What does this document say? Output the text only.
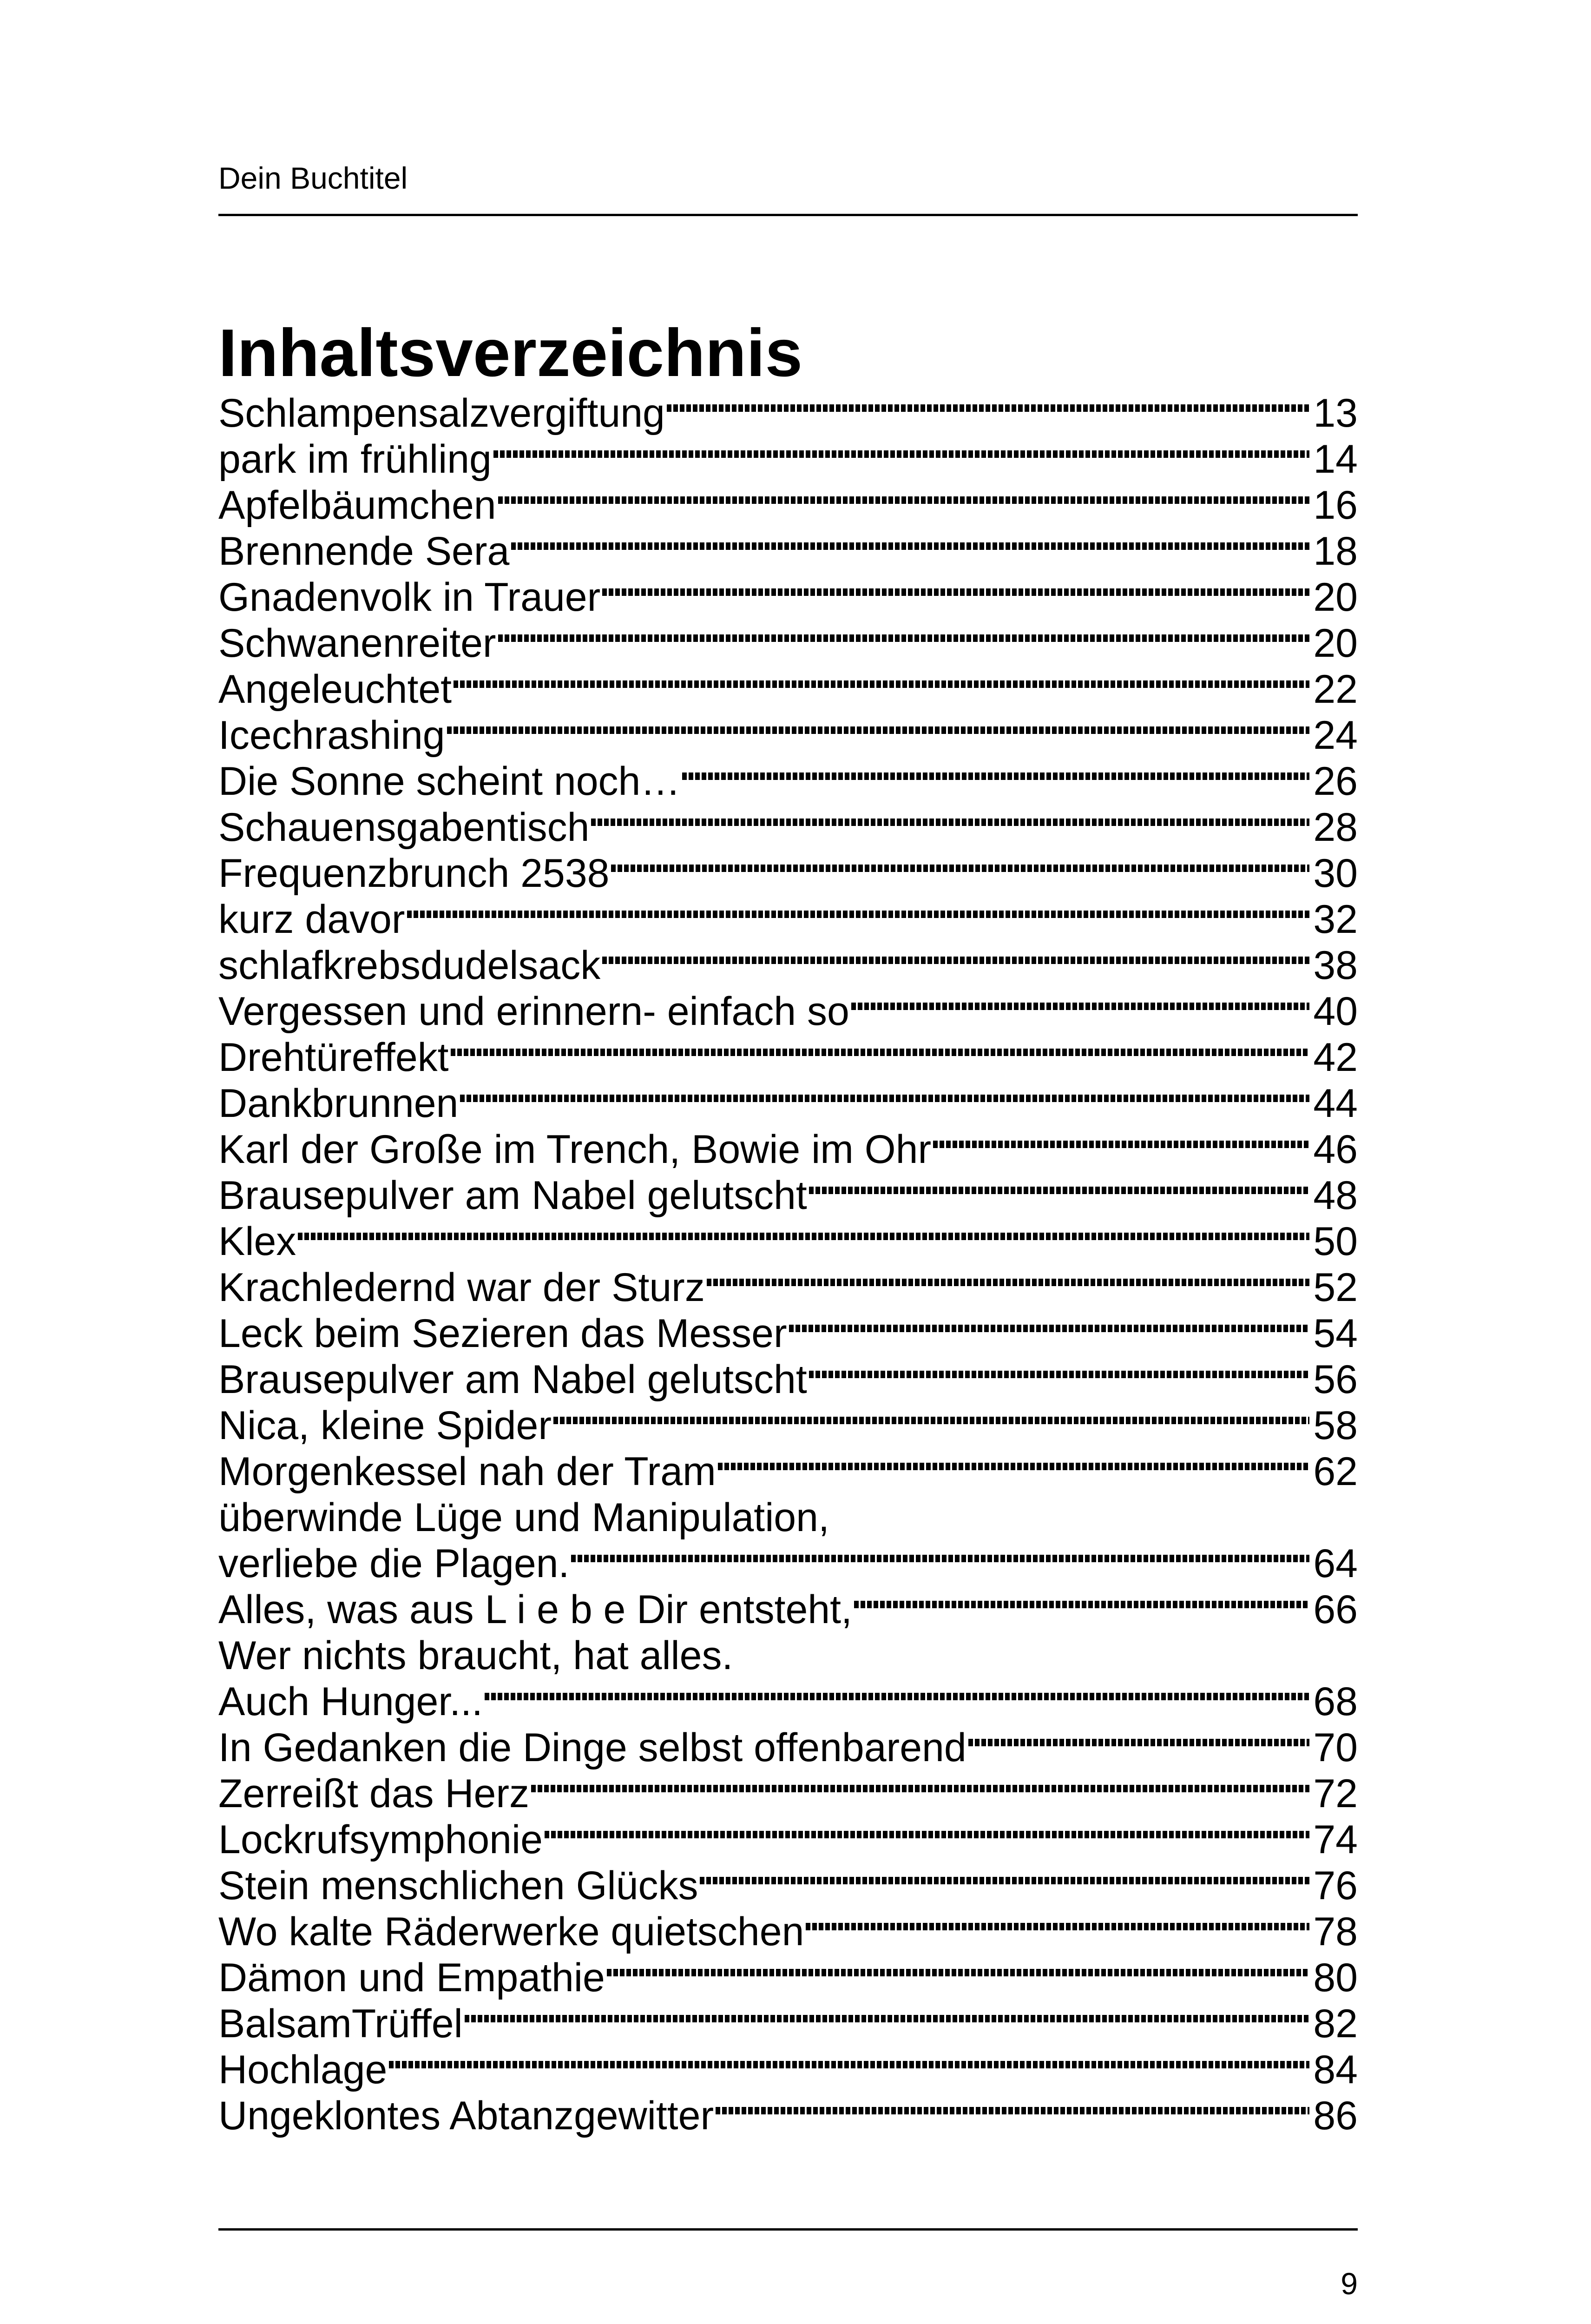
Dein Buchtitel
Inhaltsverzeichnis
Schlampensalzvergiftung	13
park im frühling	14
Apfelbäumchen	16
Brennende Sera	18
Gnadenvolk in Trauer	20
Schwanenreiter	20
Angeleuchtet	22
Icechrashing	24
Die Sonne scheint noch…	26
Schauensgabentisch	28
Frequenzbrunch 2538	30
kurz davor	32
schlafkrebsdudelsack	38
Vergessen und erinnern- einfach so	40
Drehtüreffekt	42
Dankbrunnen	44
Karl der Große im Trench, Bowie im Ohr	46
Brausepulver am Nabel gelutscht	48
Klex	50
Krachledernd war der Sturz	52
Leck beim Sezieren das Messer	54
Brausepulver am Nabel gelutscht	56
Nica, kleine Spider	58
Morgenkessel nah der Tram	62
überwinde Lüge und Manipulation,
verliebe die Plagen.	64
Alles, was aus L i e b e Dir entsteht,	66
Wer nichts braucht, hat alles.
Auch Hunger...	68
In Gedanken die Dinge selbst offenbarend	70
Zerreißt das Herz	72
Lockrufsymphonie	74
Stein menschlichen Glücks	76
Wo kalte Räderwerke quietschen	78
Dämon und Empathie	80
BalsamTrüffel	82
Hochlage	84
Ungeklontes Abtanzgewitter	86
9
